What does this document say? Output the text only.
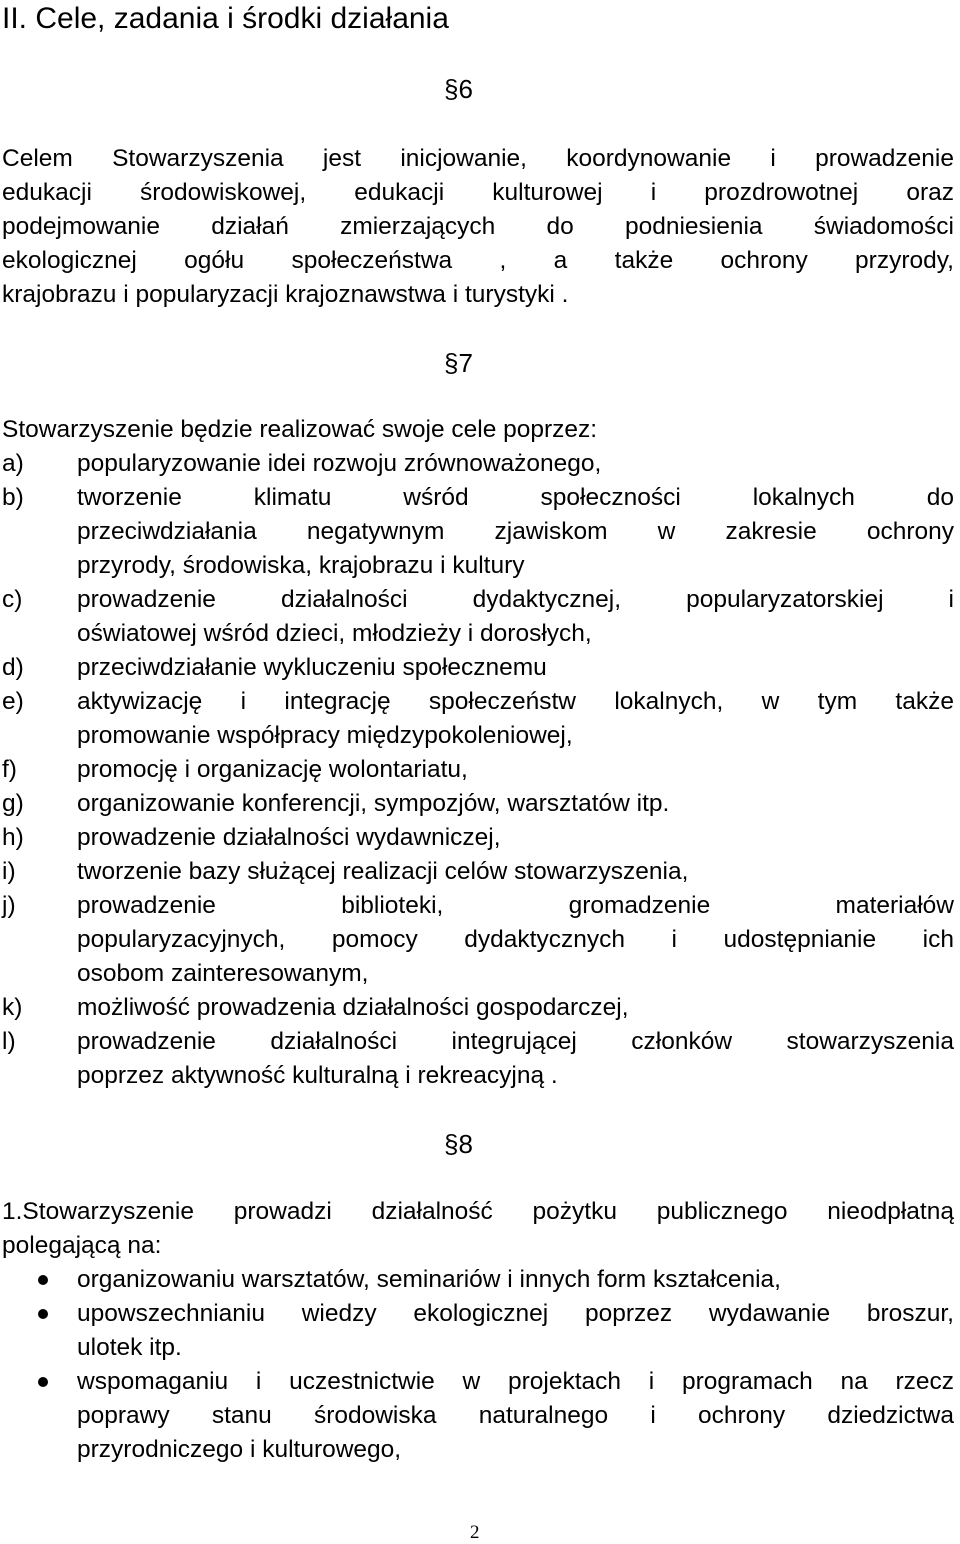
II. Cele, zadania i środki działania
§6
Celem Stowarzyszenia jest inicjowanie, koordynowanie i prowadzenie
edukacji środowiskowej, edukacji kulturowej i prozdrowotnej oraz
podejmowanie działań zmierzających do podniesienia świadomości
ekologicznej ogółu społeczeństwa , a także ochrony przyrody,
krajobrazu i popularyzacji krajoznawstwa i turystyki .
§7
Stowarzyszenie będzie realizować swoje cele poprzez:
a) popularyzowanie idei rozwoju zrównoważonego,
b) tworzenie klimatu wśród społeczności lokalnych do
przeciwdziałania negatywnym zjawiskom w zakresie ochrony
przyrody, środowiska, krajobrazu i kultury
c) prowadzenie działalności dydaktycznej, popularyzatorskiej i
oświatowej wśród dzieci, młodzieży i dorosłych,
d) przeciwdziałanie wykluczeniu społecznemu
e) aktywizację i integrację społeczeństw lokalnych, w tym także
promowanie współpracy międzypokoleniowej,
f) promocję i organizację wolontariatu,
g) organizowanie konferencji, sympozjów, warsztatów itp.
h) prowadzenie działalności wydawniczej,
i)	tworzenie bazy służącej realizacji celów stowarzyszenia,
j)	prowadzenie biblioteki, gromadzenie materiałów
popularyzacyjnych, pomocy dydaktycznych i udostępnianie ich
osobom zainteresowanym,
k) możliwość prowadzenia działalności gospodarczej,
l)	prowadzenie działalności integrującej członków stowarzyszenia
poprzez aktywność kulturalną i rekreacyjną .
§8
1.Stowarzyszenie prowadzi działalność pożytku publicznego nieodpłatną
polegającą na:
organizowaniu warsztatów, seminariów i innych form kształcenia,
upowszechnianiu wiedzy ekologicznej poprzez wydawanie broszur,
ulotek itp.
wspomaganiu i uczestnictwie w projektach i programach na rzecz
poprawy stanu środowiska naturalnego i ochrony dziedzictwa
przyrodniczego i kulturowego,
2
